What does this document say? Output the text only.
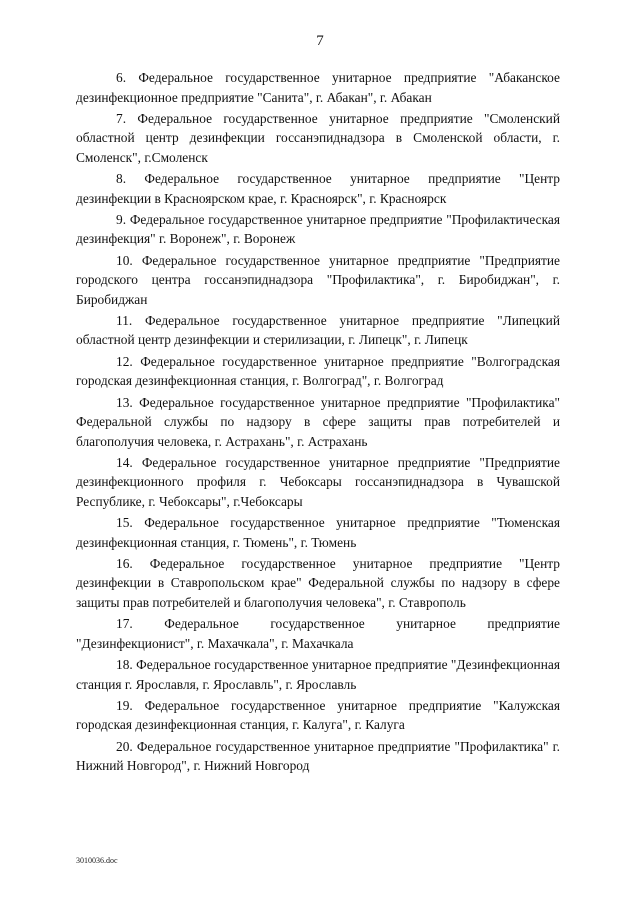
7

6. Федеральное государственное унитарное предприятие "Абаканское дезинфекционное предприятие "Санита", г. Абакан", г. Абакан

7. Федеральное государственное унитарное предприятие "Смоленский областной центр дезинфекции госсанэпиднадзора в Смоленской области, г. Смоленск", г.Смоленск

8. Федеральное государственное унитарное предприятие "Центр дезинфекции в Красноярском крае, г. Красноярск", г. Красноярск

9. Федеральное государственное унитарное предприятие "Профилактическая дезинфекция" г. Воронеж", г. Воронеж

10. Федеральное государственное унитарное предприятие "Предприятие городского центра госсанэпиднадзора "Профилактика", г. Биробиджан", г. Биробиджан

11. Федеральное государственное унитарное предприятие "Липецкий областной центр дезинфекции и стерилизации, г. Липецк", г. Липецк

12. Федеральное государственное унитарное предприятие "Волгоградская городская дезинфекционная станция, г. Волгоград", г. Волгоград

13. Федеральное государственное унитарное предприятие "Профилактика" Федеральной службы по надзору в сфере защиты прав потребителей и благополучия человека, г. Астрахань", г. Астрахань

14. Федеральное государственное унитарное предприятие "Предприятие дезинфекционного профиля г. Чебоксары госсанэпиднадзора в Чувашской Республике, г. Чебоксары", г.Чебоксары

15. Федеральное государственное унитарное предприятие "Тюменская дезинфекционная станция, г. Тюмень", г. Тюмень

16. Федеральное государственное унитарное предприятие "Центр дезинфекции в Ставропольском крае" Федеральной службы по надзору в сфере защиты прав потребителей и благополучия человека", г. Ставрополь

17. Федеральное государственное унитарное предприятие "Дезинфекционист", г. Махачкала", г. Махачкала

18. Федеральное государственное унитарное предприятие "Дезинфекционная станция г. Ярославля, г. Ярославль", г. Ярославль

19. Федеральное государственное унитарное предприятие "Калужская городская дезинфекционная станция, г. Калуга", г. Калуга

20. Федеральное государственное унитарное предприятие "Профилактика" г. Нижний Новгород", г. Нижний Новгород

3010036.doc
